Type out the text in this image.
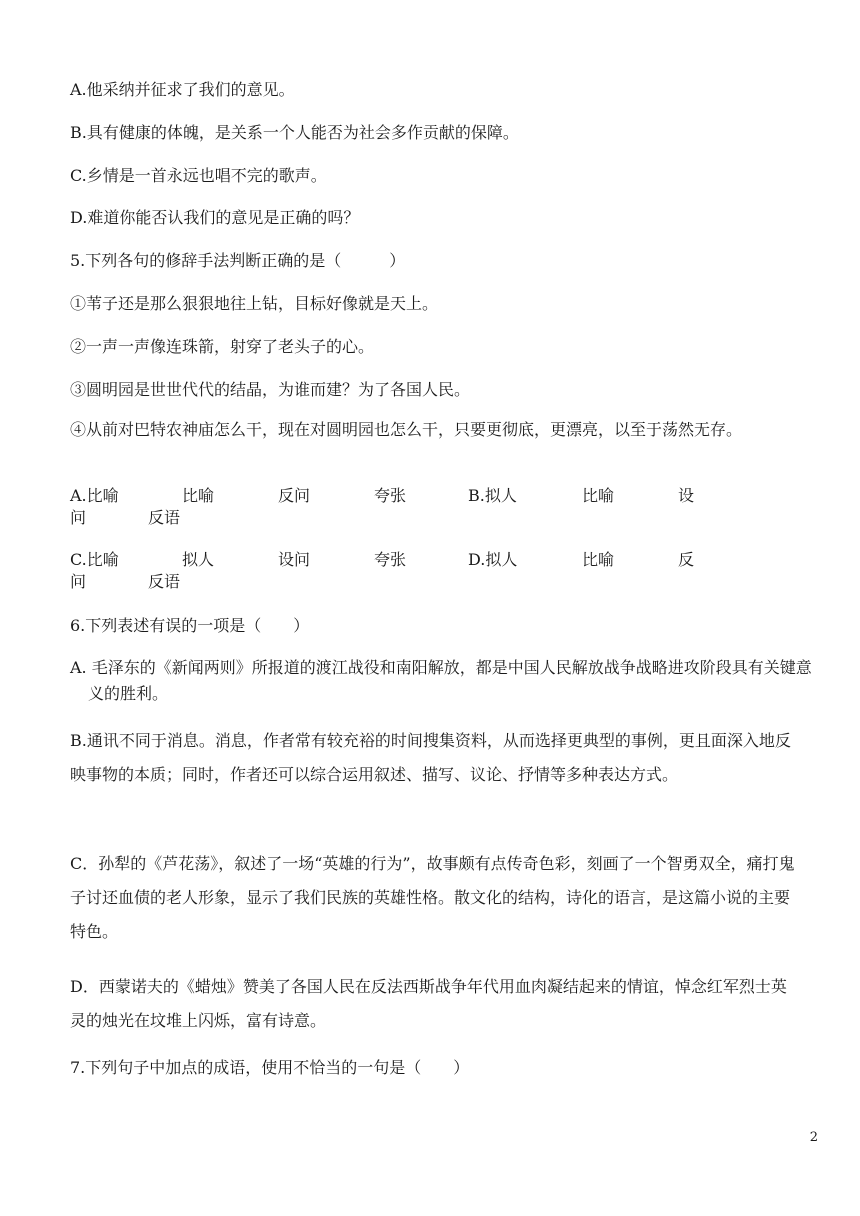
A.他采纳并征求了我们的意见。
B.具有健康的体魄，是关系一个人能否为社会多作贡献的保障。
C.乡情是一首永远也唱不完的歌声。
D.难道你能否认我们的意见是正确的吗？
5.下列各句的修辞手法判断正确的是（　　　）
①苇子还是那么狠狠地往上钻，目标好像就是天上。
②一声一声像连珠箭，射穿了老头子的心。
③圆明园是世世代代的结晶，为谁而建？为了各国人民。
④从前对巴特农神庙怎么干，现在对圆明园也怎么干，只要更彻底，更漂亮，以至于荡然无存。
A.比喻	比喻	反问	夸张	B.拟人	比喻	设
问	反语
C.比喻	拟人	设问	夸张	D.拟人	比喻	反
问	反语
6.下列表述有误的一项是（　　）
A. 毛泽东的《新闻两则》所报道的渡江战役和南阳解放，都是中国人民解放战争战略进攻阶段具有关键意义的胜利。
B.通讯不同于消息。消息，作者常有较充裕的时间搜集资料，从而选择更典型的事例，更且面深入地反映事物的本质；同时，作者还可以综合运用叙述、描写、议论、抒情等多种表达方式。
C．孙犁的《芦花荡》，叙述了一场“英雄的行为”，故事颇有点传奇色彩，刻画了一个智勇双全，痛打鬼子讨还血债的老人形象，显示了我们民族的英雄性格。散文化的结构，诗化的语言，是这篇小说的主要特色。
D．西蒙诺夫的《蜡烛》赞美了各国人民在反法西斯战争年代用血肉凝结起来的情谊，悼念红军烈士英灵的烛光在坟堆上闪烁，富有诗意。
7.下列句子中加点的成语，使用不恰当的一句是（　　）
2
